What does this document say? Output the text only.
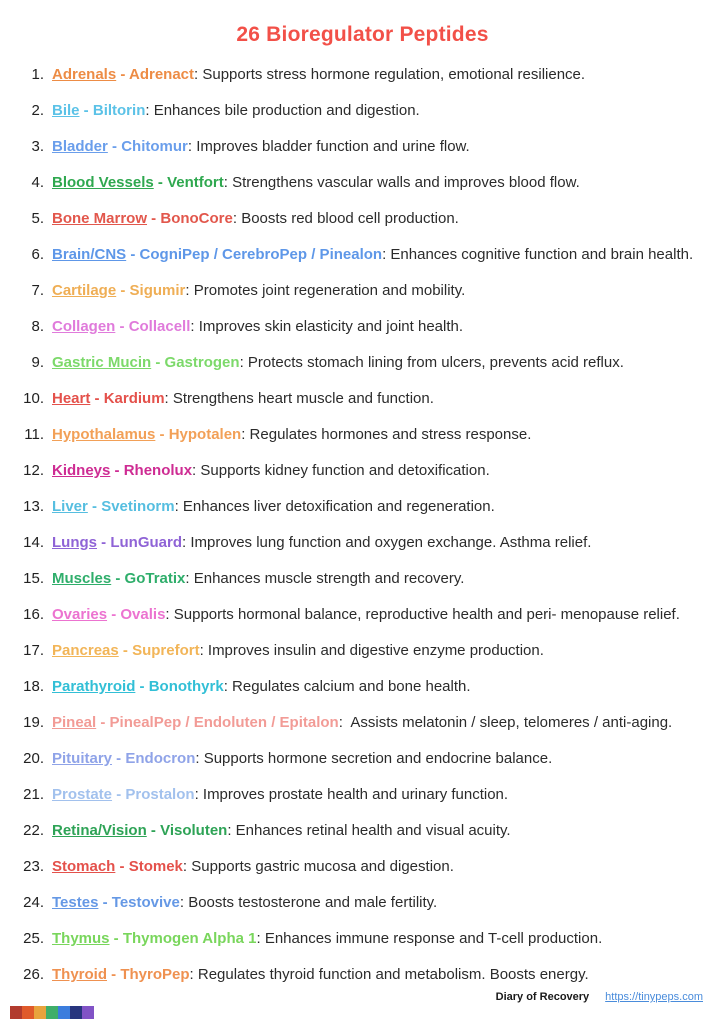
26 Bioregulator Peptides
1. Adrenals - Adrenact: Supports stress hormone regulation, emotional resilience.
2. Bile - Biltorin: Enhances bile production and digestion.
3. Bladder - Chitomur: Improves bladder function and urine flow.
4. Blood Vessels - Ventfort: Strengthens vascular walls and improves blood flow.
5. Bone Marrow - BonoCore: Boosts red blood cell production.
6. Brain/CNS - CogniPep / CerebroPep / Pinealon: Enhances cognitive function and brain health.
7. Cartilage - Sigumir: Promotes joint regeneration and mobility.
8. Collagen - Collacell: Improves skin elasticity and joint health.
9. Gastric Mucin - Gastrogen: Protects stomach lining from ulcers, prevents acid reflux.
10. Heart - Kardium: Strengthens heart muscle and function.
11. Hypothalamus - Hypotalen: Regulates hormones and stress response.
12. Kidneys - Rhenolux: Supports kidney function and detoxification.
13. Liver - Svetinorm: Enhances liver detoxification and regeneration.
14. Lungs - LunGuard: Improves lung function and oxygen exchange. Asthma relief.
15. Muscles - GoTratix: Enhances muscle strength and recovery.
16. Ovaries - Ovalis: Supports hormonal balance, reproductive health and peri- menopause relief.
17. Pancreas - Suprefort: Improves insulin and digestive enzyme production.
18. Parathyroid - Bonothyrk: Regulates calcium and bone health.
19. Pineal - PinealPep / Endoluten / Epitalon:  Assists melatonin / sleep, telomeres / anti-aging.
20. Pituitary - Endocron: Supports hormone secretion and endocrine balance.
21. Prostate - Prostalon: Improves prostate health and urinary function.
22. Retina/Vision - Visoluten: Enhances retinal health and visual acuity.
23. Stomach - Stomek: Supports gastric mucosa and digestion.
24. Testes - Testovive: Boosts testosterone and male fertility.
25. Thymus - Thymogen Alpha 1: Enhances immune response and T-cell production.
26. Thyroid - ThyroPep: Regulates thyroid function and metabolism. Boosts energy.
Diary of Recovery https://tinypeps.com
